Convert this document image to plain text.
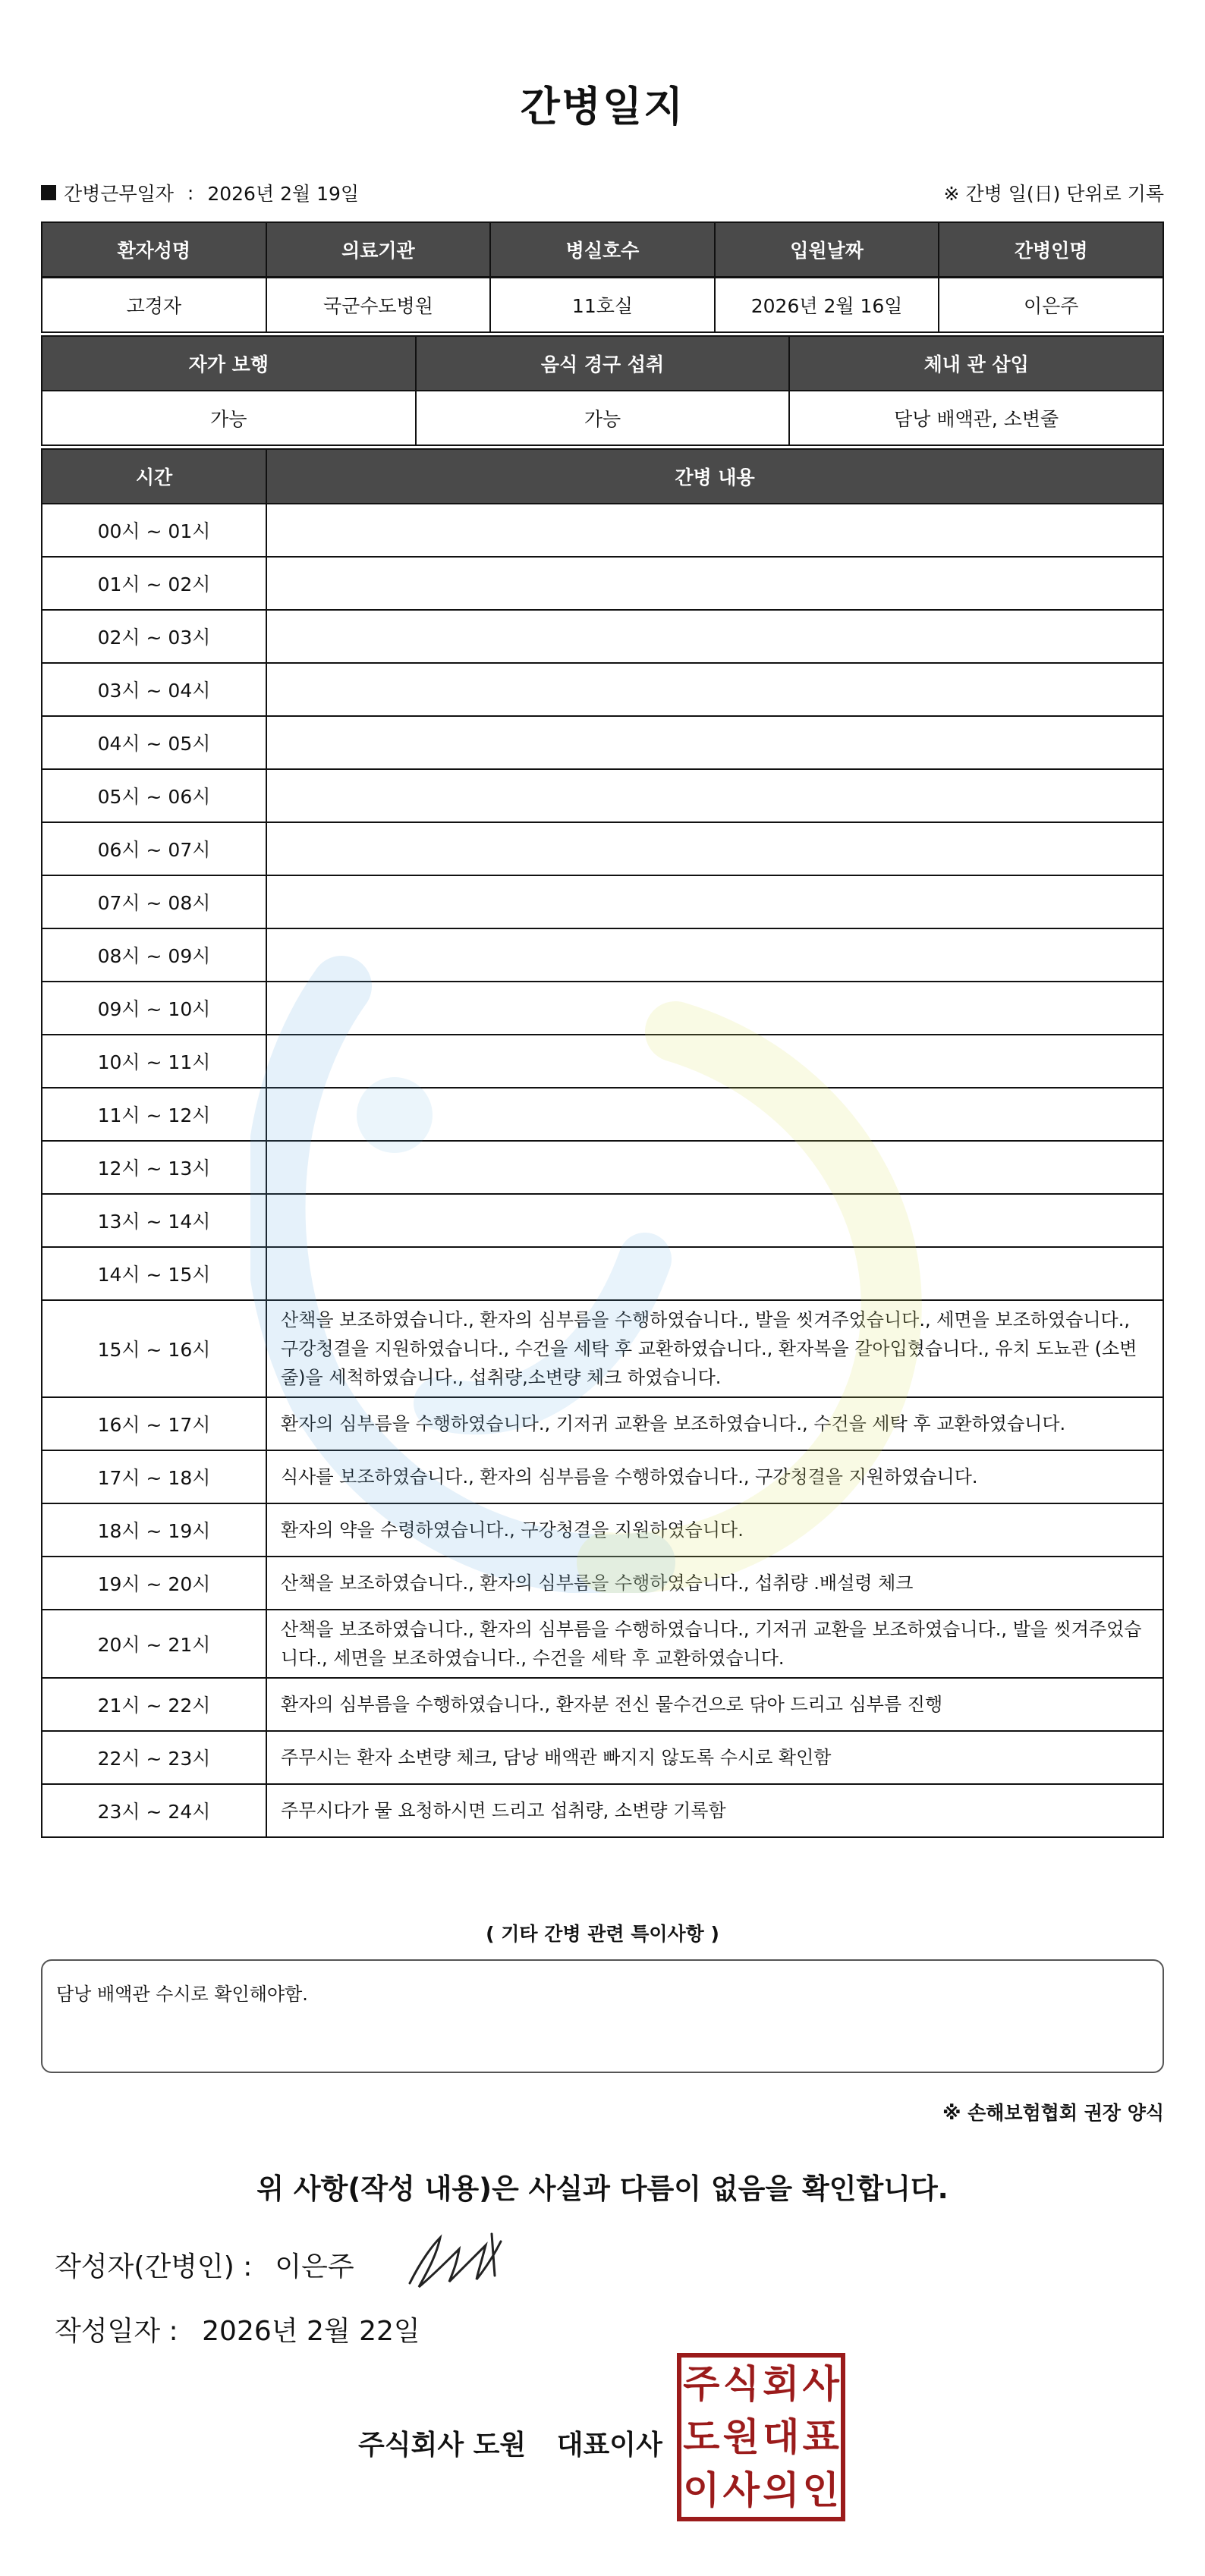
간병일지
간병근무일자 : 2026년 2월 19일	※ 간병 일(日) 단위로 기록
환자성명	의료기관	병실호수	입원날짜	간병인명
고경자	국군수도병원	11호실	2026년 2월 16일	이은주
자가 보행	음식 경구 섭취	체내 관 삽입
가능	가능	담낭 배액관, 소변줄
시간	간병 내용
00시 ~ 01시	
01시 ~ 02시	
02시 ~ 03시	
03시 ~ 04시	
04시 ~ 05시	
05시 ~ 06시	
06시 ~ 07시	
07시 ~ 08시	
08시 ~ 09시	
09시 ~ 10시	
10시 ~ 11시	
11시 ~ 12시	
12시 ~ 13시	
13시 ~ 14시	
14시 ~ 15시	
15시 ~ 16시	산책을 보조하였습니다., 환자의 심부름을 수행하였습니다., 발을 씻겨주었습니다., 세면을 보조하였습니다., 구강청결을 지원하였습니다., 수건을 세탁 후 교환하였습니다., 환자복을 갈아입혔습니다., 유치 도뇨관 (소변줄)을 세척하였습니다., 섭취량,소변량 체크 하였습니다.
16시 ~ 17시	환자의 심부름을 수행하였습니다., 기저귀 교환을 보조하였습니다., 수건을 세탁 후 교환하였습니다.
17시 ~ 18시	식사를 보조하였습니다., 환자의 심부름을 수행하였습니다., 구강청결을 지원하였습니다.
18시 ~ 19시	환자의 약을 수령하였습니다., 구강청결을 지원하였습니다.
19시 ~ 20시	산책을 보조하였습니다., 환자의 심부름을 수행하였습니다., 섭취량 .배설령 체크
20시 ~ 21시	산책을 보조하였습니다., 환자의 심부름을 수행하였습니다., 기저귀 교환을 보조하였습니다., 발을 씻겨주었습니다., 세면을 보조하였습니다., 수건을 세탁 후 교환하였습니다.
21시 ~ 22시	환자의 심부름을 수행하였습니다., 환자분 전신 물수건으로 닦아 드리고 심부름 진행
22시 ~ 23시	주무시는 환자 소변량 체크, 담낭 배액관 빠지지 않도록 수시로 확인함
23시 ~ 24시	주무시다가 물 요청하시면 드리고 섭취량, 소변량 기록함
( 기타 간병 관련 특이사항 )
담낭 배액관 수시로 확인해야함.
※ 손해보험협회 권장 양식
위 사항(작성 내용)은 사실과 다름이 없음을 확인합니다.
작성자(간병인) : 이은주
작성일자 : 2026년 2월 22일
주식회사 도원 대표이사
주 식 회 사
도 원 대 표
이 사 의 인
